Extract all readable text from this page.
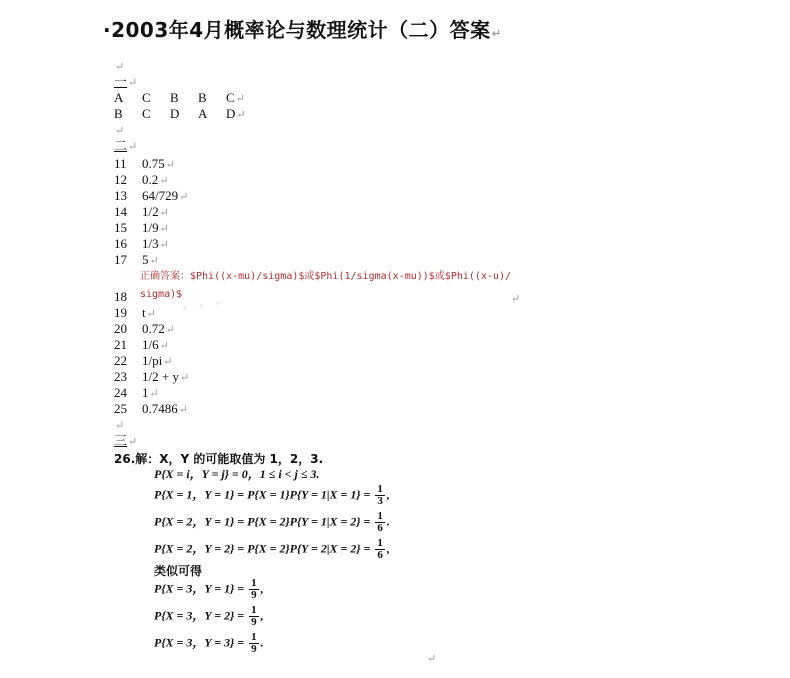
·2003年4月概率论与数理统计（二）答案↵
↵
一↵
A C B B C↵
B C D A D↵
↵
二↵
11 0.75↵
12 0.2↵
13 64/729↵
14 1/2↵
15 1/9↵
16 1/3↵
17 5↵
· · ·
正确答案：$Phi((x-mu)/sigma)$或$Phi(1/sigma(x-mu))$或$Phi((x-u)/sigma)$	↵
18
19 t↵
20 0.72↵
21 1/6↵
22 1/pi↵
23 1/2 + y↵
24 1↵
25 0.7486↵
↵
三↵
26.解：X，Y 的可能取值为 1，2，3.
P{X = i，Y = j} = 0，1 ≤ i < j ≤ 3.
P{X = 1，$Y = 1\} = P\{X = 1\}P\{Y = 1|X = 1\} = \frac{1}{3}$ ,
P{X = 2，$Y = 1\} = P\{X = 2\}P\{Y = 1|X = 2\} = \frac{1}{6}$ .
P{X = 2，$Y = 2\} = P\{X = 2\}P\{Y = 2|X = 2\} = \frac{1}{6}$ ,
类似可得
P{X = 3，$Y = 1\} = \frac{1}{9}$ ,
P{X = 3，$Y = 2\} = \frac{1}{9}$ ,
P{X = 3，$Y = 3\} = \frac{1}{9}$ .
↵
